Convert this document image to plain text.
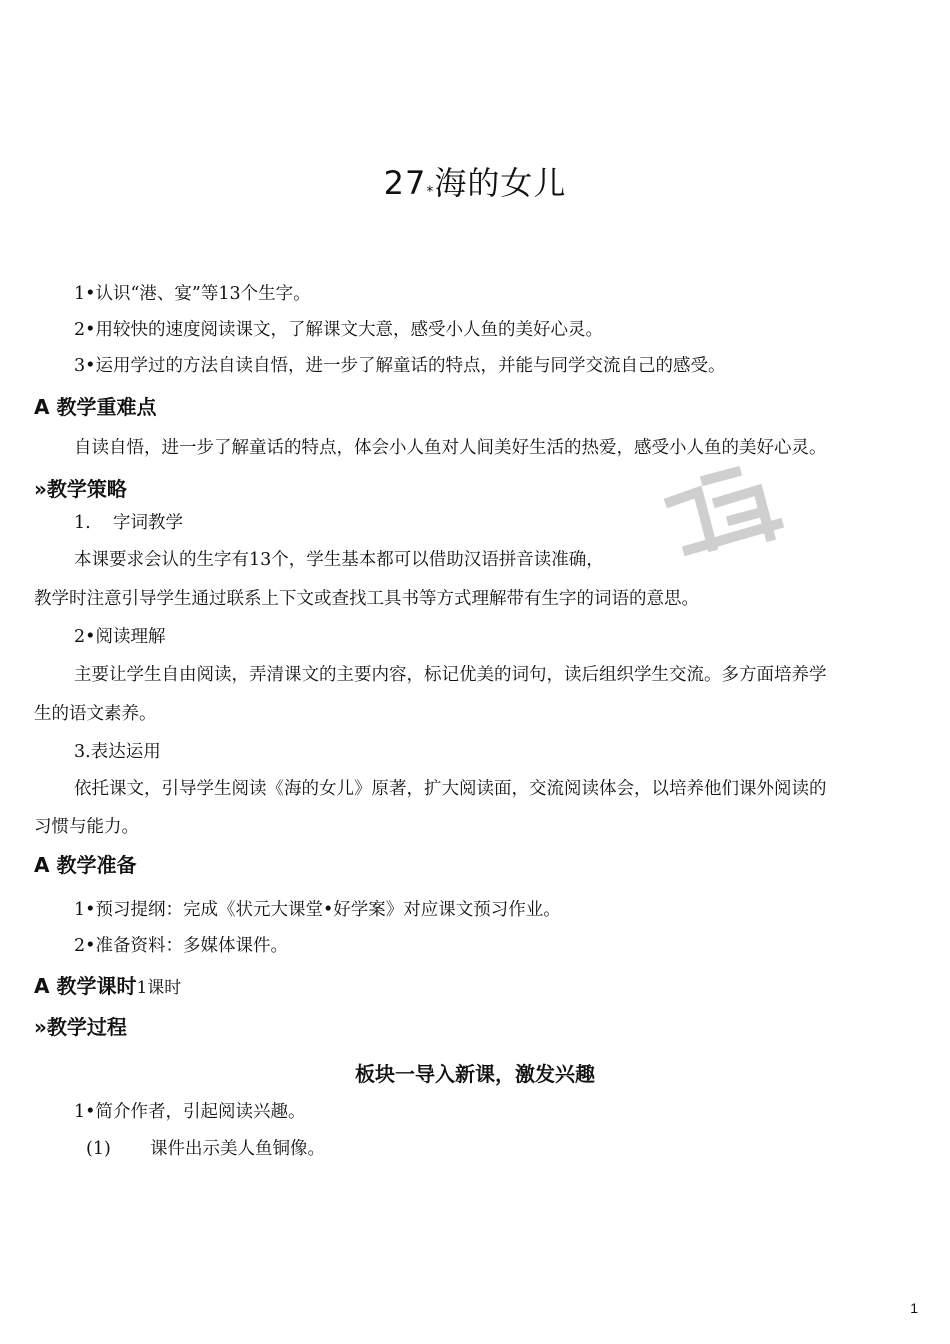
27*海的女儿
1•认识“港、宴”等13个生字。
2•用较快的速度阅读课文，了解课文大意，感受小人鱼的美好心灵。
3•运用学过的方法自读自悟，进一步了解童话的特点，并能与同学交流自己的感受。
A 教学重难点
自读自悟，进一步了解童话的特点，体会小人鱼对人间美好生活的热爱，感受小人鱼的美好心灵。
»教学策略
1.    字词教学
本课要求会认的生字有13个，学生基本都可以借助汉语拼音读准确，
教学时注意引导学生通过联系上下文或查找工具书等方式理解带有生字的词语的意思。
2•阅读理解
主要让学生自由阅读，弄清课文的主要内容，标记优美的词句，读后组织学生交流。多方面培养学
生的语文素养。
3.表达运用
依托课文，引导学生阅读《海的女儿》原著，扩大阅读面，交流阅读体会，以培养他们课外阅读的
习惯与能力。
A 教学准备
1•预习提纲：完成《状元大课堂•好学案》对应课文预习作业。
2•准备资料：多媒体课件。
A 教学课时1课时
»教学过程
板块一导入新课，激发兴趣
1•简介作者，引起阅读兴趣。
(1) 课件出示美人鱼铜像。
1
